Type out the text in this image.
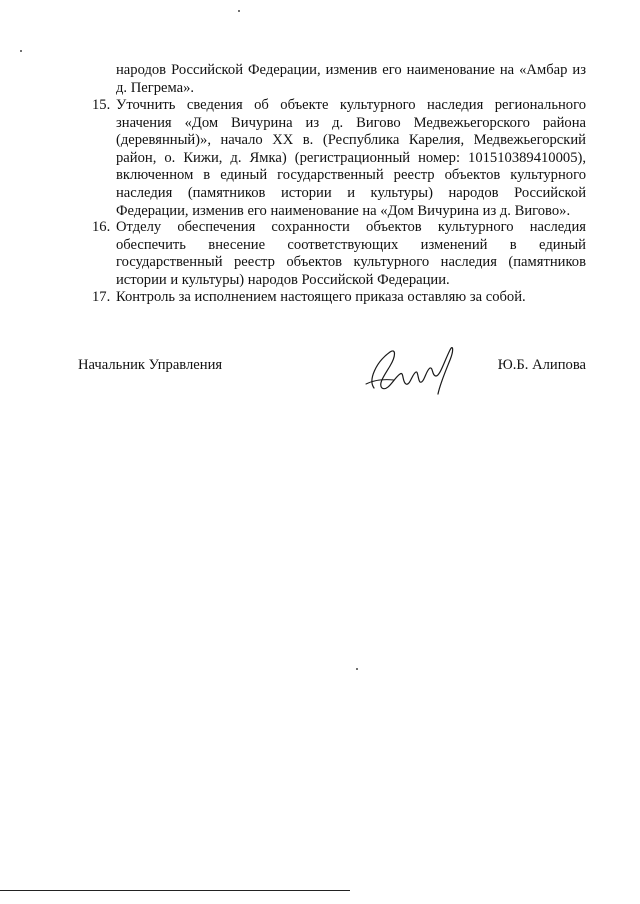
народов Российской Федерации, изменив его наименование на «Амбар из д. Пегрема».
15. Уточнить сведения об объекте культурного наследия регионального значения «Дом Вичурина из д. Вигово Медвежьегорского района (деревянный)», начало XX в. (Республика Карелия, Медвежьегорский район, о. Кижи, д. Ямка) (регистрационный номер: 101510389410005), включенном в единый государственный реестр объектов культурного наследия (памятников истории и культуры) народов Российской Федерации, изменив его наименование на «Дом Вичурина из д. Вигово».
16. Отделу обеспечения сохранности объектов культурного наследия обеспечить внесение соответствующих изменений в единый государственный реестр объектов культурного наследия (памятников истории и культуры) народов Российской Федерации.
17. Контроль за исполнением настоящего приказа оставляю за собой.
Начальник Управления	Ю.Б. Алипова
